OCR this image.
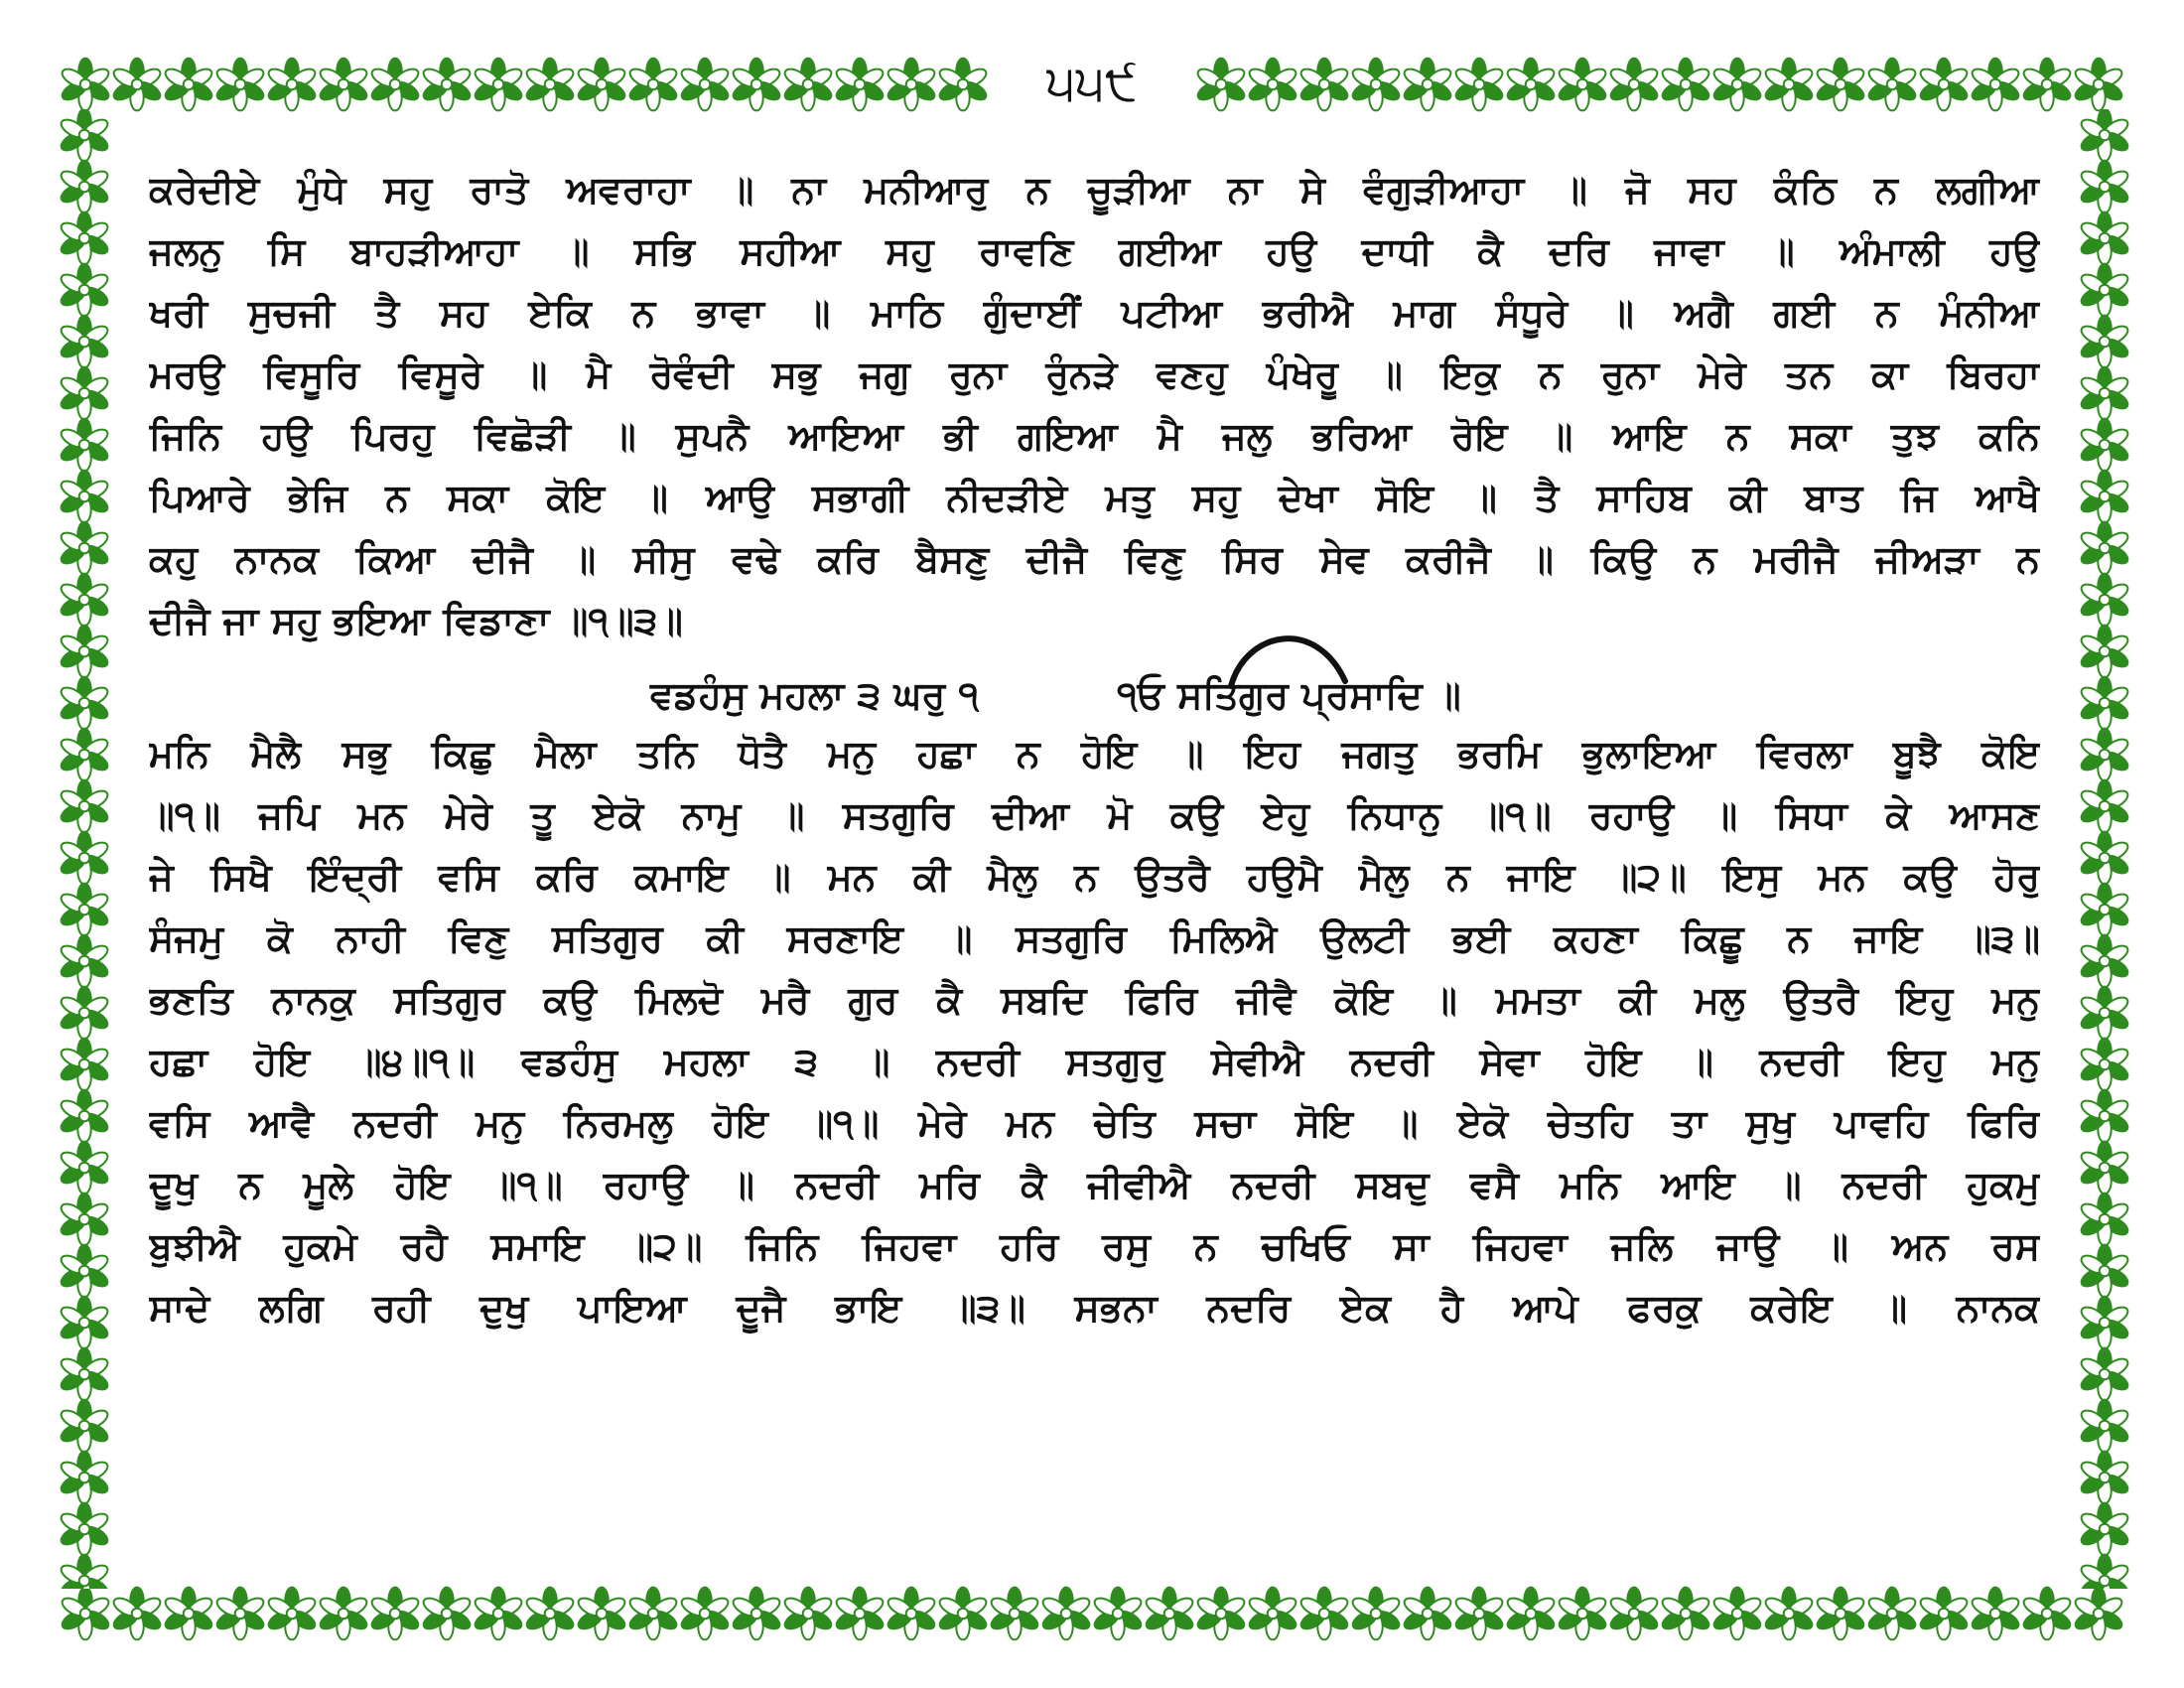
੫੫੯
ਕਰੇਦੀਏ ਮੁੰਧੇ ਸਹੁ ਰਾਤੋ ਅਵਰਾਹਾ ॥ ਨਾ ਮਨੀਆਰੁ ਨ ਚੂੜੀਆ ਨਾ ਸੇ ਵੰਗੁੜੀਆਹਾ ॥ ਜੋ ਸਹ ਕੰਠਿ ਨ ਲਗੀਆ
ਜਲਨੁ ਸਿ ਬਾਹੜੀਆਹਾ ॥ ਸਭਿ ਸਹੀਆ ਸਹੁ ਰਾਵਣਿ ਗਈਆ ਹਉ ਦਾਧੀ ਕੈ ਦਰਿ ਜਾਵਾ ॥ ਅੰਮਾਲੀ ਹਉ
ਖਰੀ ਸੁਚਜੀ ਤੈ ਸਹ ਏਕਿ ਨ ਭਾਵਾ ॥ ਮਾਠਿ ਗੁੰਦਾਈਂ ਪਟੀਆ ਭਰੀਐ ਮਾਗ ਸੰਧੂਰੇ ॥ ਅਗੈ ਗਈ ਨ ਮੰਨੀਆ
ਮਰਉ ਵਿਸੂਰਿ ਵਿਸੂਰੇ ॥ ਮੈ ਰੋਵੰਦੀ ਸਭੁ ਜਗੁ ਰੁਨਾ ਰੁੰਨੜੇ ਵਣਹੁ ਪੰਖੇਰੂ ॥ ਇਕੁ ਨ ਰੁਨਾ ਮੇਰੇ ਤਨ ਕਾ ਬਿਰਹਾ
ਜਿਨਿ ਹਉ ਪਿਰਹੁ ਵਿਛੋੜੀ ॥ ਸੁਪਨੈ ਆਇਆ ਭੀ ਗਇਆ ਮੈ ਜਲੁ ਭਰਿਆ ਰੋਇ ॥ ਆਇ ਨ ਸਕਾ ਤੁਝ ਕਨਿ
ਪਿਆਰੇ ਭੇਜਿ ਨ ਸਕਾ ਕੋਇ ॥ ਆਉ ਸਭਾਗੀ ਨੀਦੜੀਏ ਮਤੁ ਸਹੁ ਦੇਖਾ ਸੋਇ ॥ ਤੈ ਸਾਹਿਬ ਕੀ ਬਾਤ ਜਿ ਆਖੈ
ਕਹੁ ਨਾਨਕ ਕਿਆ ਦੀਜੈ ॥ ਸੀਸੁ ਵਢੇ ਕਰਿ ਬੈਸਣੁ ਦੀਜੈ ਵਿਣੁ ਸਿਰ ਸੇਵ ਕਰੀਜੈ ॥ ਕਿਉ ਨ ਮਰੀਜੈ ਜੀਅੜਾ ਨ
ਦੀਜੈ ਜਾ ਸਹੁ ਭਇਆ ਵਿਡਾਣਾ ॥੧॥੩॥
ਵਡਹੰਸੁ ਮਹਲਾ ੩ ਘਰੁ ੧	੧ਓ ਸਤਿਗੁਰ ਪ੍ਰਸਾਦਿ ॥
ਮਨਿ ਮੈਲੈ ਸਭੁ ਕਿਛੁ ਮੈਲਾ ਤਨਿ ਧੋਤੈ ਮਨੁ ਹਛਾ ਨ ਹੋਇ ॥ ਇਹ ਜਗਤੁ ਭਰਮਿ ਭੁਲਾਇਆ ਵਿਰਲਾ ਬੂਝੈ ਕੋਇ
॥੧॥ ਜਪਿ ਮਨ ਮੇਰੇ ਤੂ ਏਕੋ ਨਾਮੁ ॥ ਸਤਗੁਰਿ ਦੀਆ ਮੋ ਕਉ ਏਹੁ ਨਿਧਾਨੁ ॥੧॥ ਰਹਾਉ ॥ ਸਿਧਾ ਕੇ ਆਸਣ
ਜੇ ਸਿਖੈ ਇੰਦ੍ਰੀ ਵਸਿ ਕਰਿ ਕਮਾਇ ॥ ਮਨ ਕੀ ਮੈਲੁ ਨ ਉਤਰੈ ਹਉਮੈ ਮੈਲੁ ਨ ਜਾਇ ॥੨॥ ਇਸੁ ਮਨ ਕਉ ਹੋਰੁ
ਸੰਜਮੁ ਕੋ ਨਾਹੀ ਵਿਣੁ ਸਤਿਗੁਰ ਕੀ ਸਰਣਾਇ ॥ ਸਤਗੁਰਿ ਮਿਲਿਐ ਉਲਟੀ ਭਈ ਕਹਣਾ ਕਿਛੂ ਨ ਜਾਇ ॥੩॥
ਭਣਤਿ ਨਾਨਕੁ ਸਤਿਗੁਰ ਕਉ ਮਿਲਦੋ ਮਰੈ ਗੁਰ ਕੈ ਸਬਦਿ ਫਿਰਿ ਜੀਵੈ ਕੋਇ ॥ ਮਮਤਾ ਕੀ ਮਲੁ ਉਤਰੈ ਇਹੁ ਮਨੁ
ਹਛਾ ਹੋਇ ॥੪॥੧॥ ਵਡਹੰਸੁ ਮਹਲਾ ੩ ॥ ਨਦਰੀ ਸਤਗੁਰੁ ਸੇਵੀਐ ਨਦਰੀ ਸੇਵਾ ਹੋਇ ॥ ਨਦਰੀ ਇਹੁ ਮਨੁ
ਵਸਿ ਆਵੈ ਨਦਰੀ ਮਨੁ ਨਿਰਮਲੁ ਹੋਇ ॥੧॥ ਮੇਰੇ ਮਨ ਚੇਤਿ ਸਚਾ ਸੋਇ ॥ ਏਕੋ ਚੇਤਹਿ ਤਾ ਸੁਖੁ ਪਾਵਹਿ ਫਿਰਿ
ਦੂਖੁ ਨ ਮੂਲੇ ਹੋਇ ॥੧॥ ਰਹਾਉ ॥ ਨਦਰੀ ਮਰਿ ਕੈ ਜੀਵੀਐ ਨਦਰੀ ਸਬਦੁ ਵਸੈ ਮਨਿ ਆਇ ॥ ਨਦਰੀ ਹੁਕਮੁ
ਬੁਝੀਐ ਹੁਕਮੇ ਰਹੈ ਸਮਾਇ ॥੨॥ ਜਿਨਿ ਜਿਹਵਾ ਹਰਿ ਰਸੁ ਨ ਚਖਿਓ ਸਾ ਜਿਹਵਾ ਜਲਿ ਜਾਉ ॥ ਅਨ ਰਸ
ਸਾਦੇ ਲਗਿ ਰਹੀ ਦੁਖੁ ਪਾਇਆ ਦੂਜੈ ਭਾਇ ॥੩॥ ਸਭਨਾ ਨਦਰਿ ਏਕ ਹੈ ਆਪੇ ਫਰਕੁ ਕਰੇਇ ॥ ਨਾਨਕ
